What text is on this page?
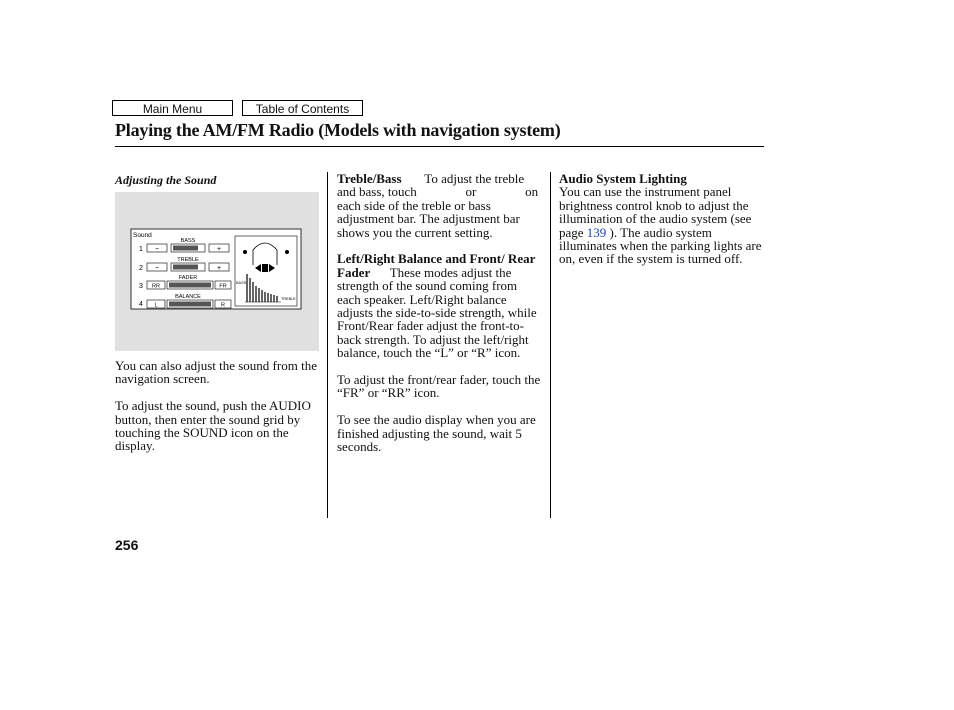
Main Menu	Table of Contents
Playing the AM/FM Radio (Models with navigation system)
Adjusting the Sound
Sound
1
BASS
−	+
2
TREBLE
−	+
3
FADER
RR	FR
4
BALANCE
L	R
BASS
TREBLE

You can also adjust the sound from the navigation screen.

To adjust the sound, push the AUDIO button, then enter the sound grid by touching the SOUND icon on the display.

Treble/Bass To adjust the treble and bass, touch	or	on each side of the treble or bass adjustment bar. The adjustment bar shows you the current setting.

Left/Right Balance and Front/ Rear Fader These modes adjust the strength of the sound coming from each speaker. Left/Right balance adjusts the side-to-side strength, while Front/Rear fader adjust the front-to-back strength. To adjust the left/right balance, touch the “L” or “R” icon.

To adjust the front/rear fader, touch the “FR” or “RR” icon.

To see the audio display when you are finished adjusting the sound, wait 5 seconds.

Audio System Lighting

You can use the instrument panel brightness control knob to adjust the illumination of the audio system (see page 139 ). The audio system illuminates when the parking lights are on, even if the system is turned off.

256
